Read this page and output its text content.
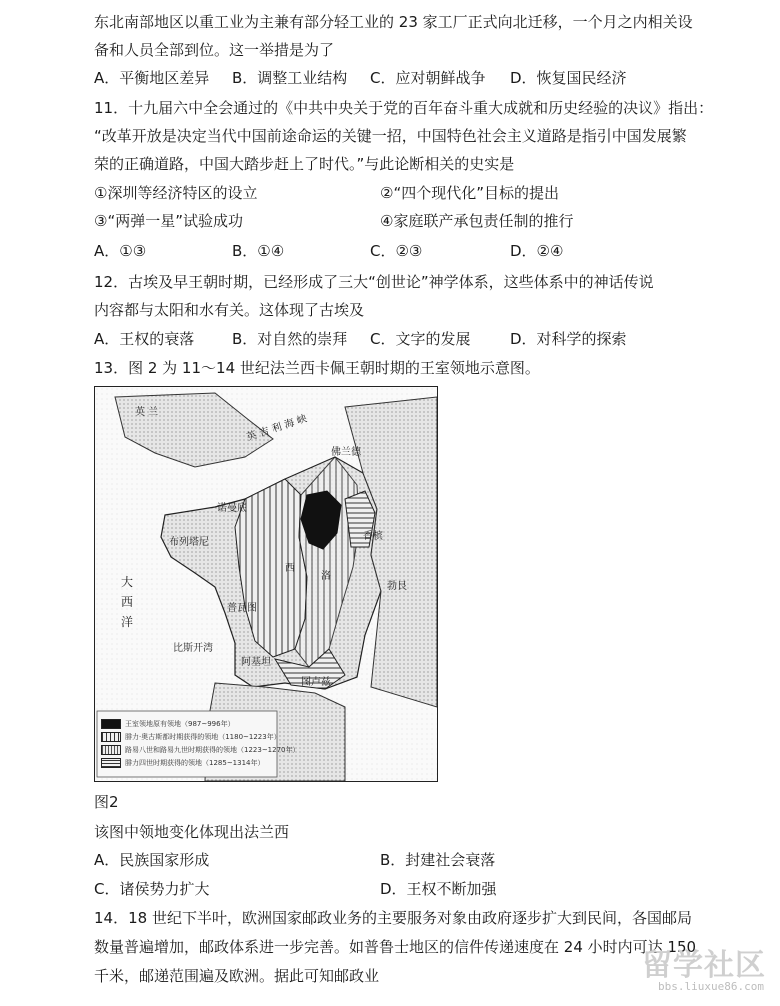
东北南部地区以重工业为主兼有部分轻工业的 23 家工厂正式向北迁移，一个月之内相关设
备和人员全部到位。这一举措是为了
A．平衡地区差异 B．调整工业结构 C．应对朝鲜战争 D．恢复国民经济
11．十九届六中全会通过的《中共中央关于党的百年奋斗重大成就和历史经验的决议》指出：
“改革开放是决定当代中国前途命运的关键一招，中国特色社会主义道路是指引中国发展繁
荣的正确道路，中国大踏步赶上了时代。”与此论断相关的史实是
①深圳等经济特区的设立	②“四个现代化”目标的提出
③“两弹一星”试验成功	④家庭联产承包责任制的推行
A．①③	B．①④	C．②③	D．②④
12．古埃及早王朝时期，已经形成了三大“创世论”神学体系，这些体系中的神话传说
内容都与太阳和水有关。这体现了古埃及
A．王权的衰落	B．对自然的崇拜 C．文字的发展	D．对科学的探索
13．图 2 为 11～14 世纪法兰西卡佩王朝时期的王室领地示意图。
英 吉 利 海 峡
大
西
洋
比斯开湾
布列塔尼
诺曼底
西
洛
普瓦图
图卢兹
阿基坦
勃艮
英 兰
佛兰德
香槟
王室领地原有领地（987~996年）
腓力·奥古斯都时期获得的领地（1180~1223年）
路易八世和路易九世时期获得的领地（1223~1270年）
腓力四世时期获得的领地（1285~1314年）
图2
该图中领地变化体现出法兰西
A．民族国家形成	B．封建社会衰落
C．诸侯势力扩大	D．王权不断加强
14．18 世纪下半叶，欧洲国家邮政业务的主要服务对象由政府逐步扩大到民间，各国邮局
数量普遍增加，邮政体系进一步完善。如普鲁士地区的信件传递速度在 24 小时内可达 150
千米，邮递范围遍及欧洲。据此可知邮政业	留学社区
bbs.liuxue86.com
